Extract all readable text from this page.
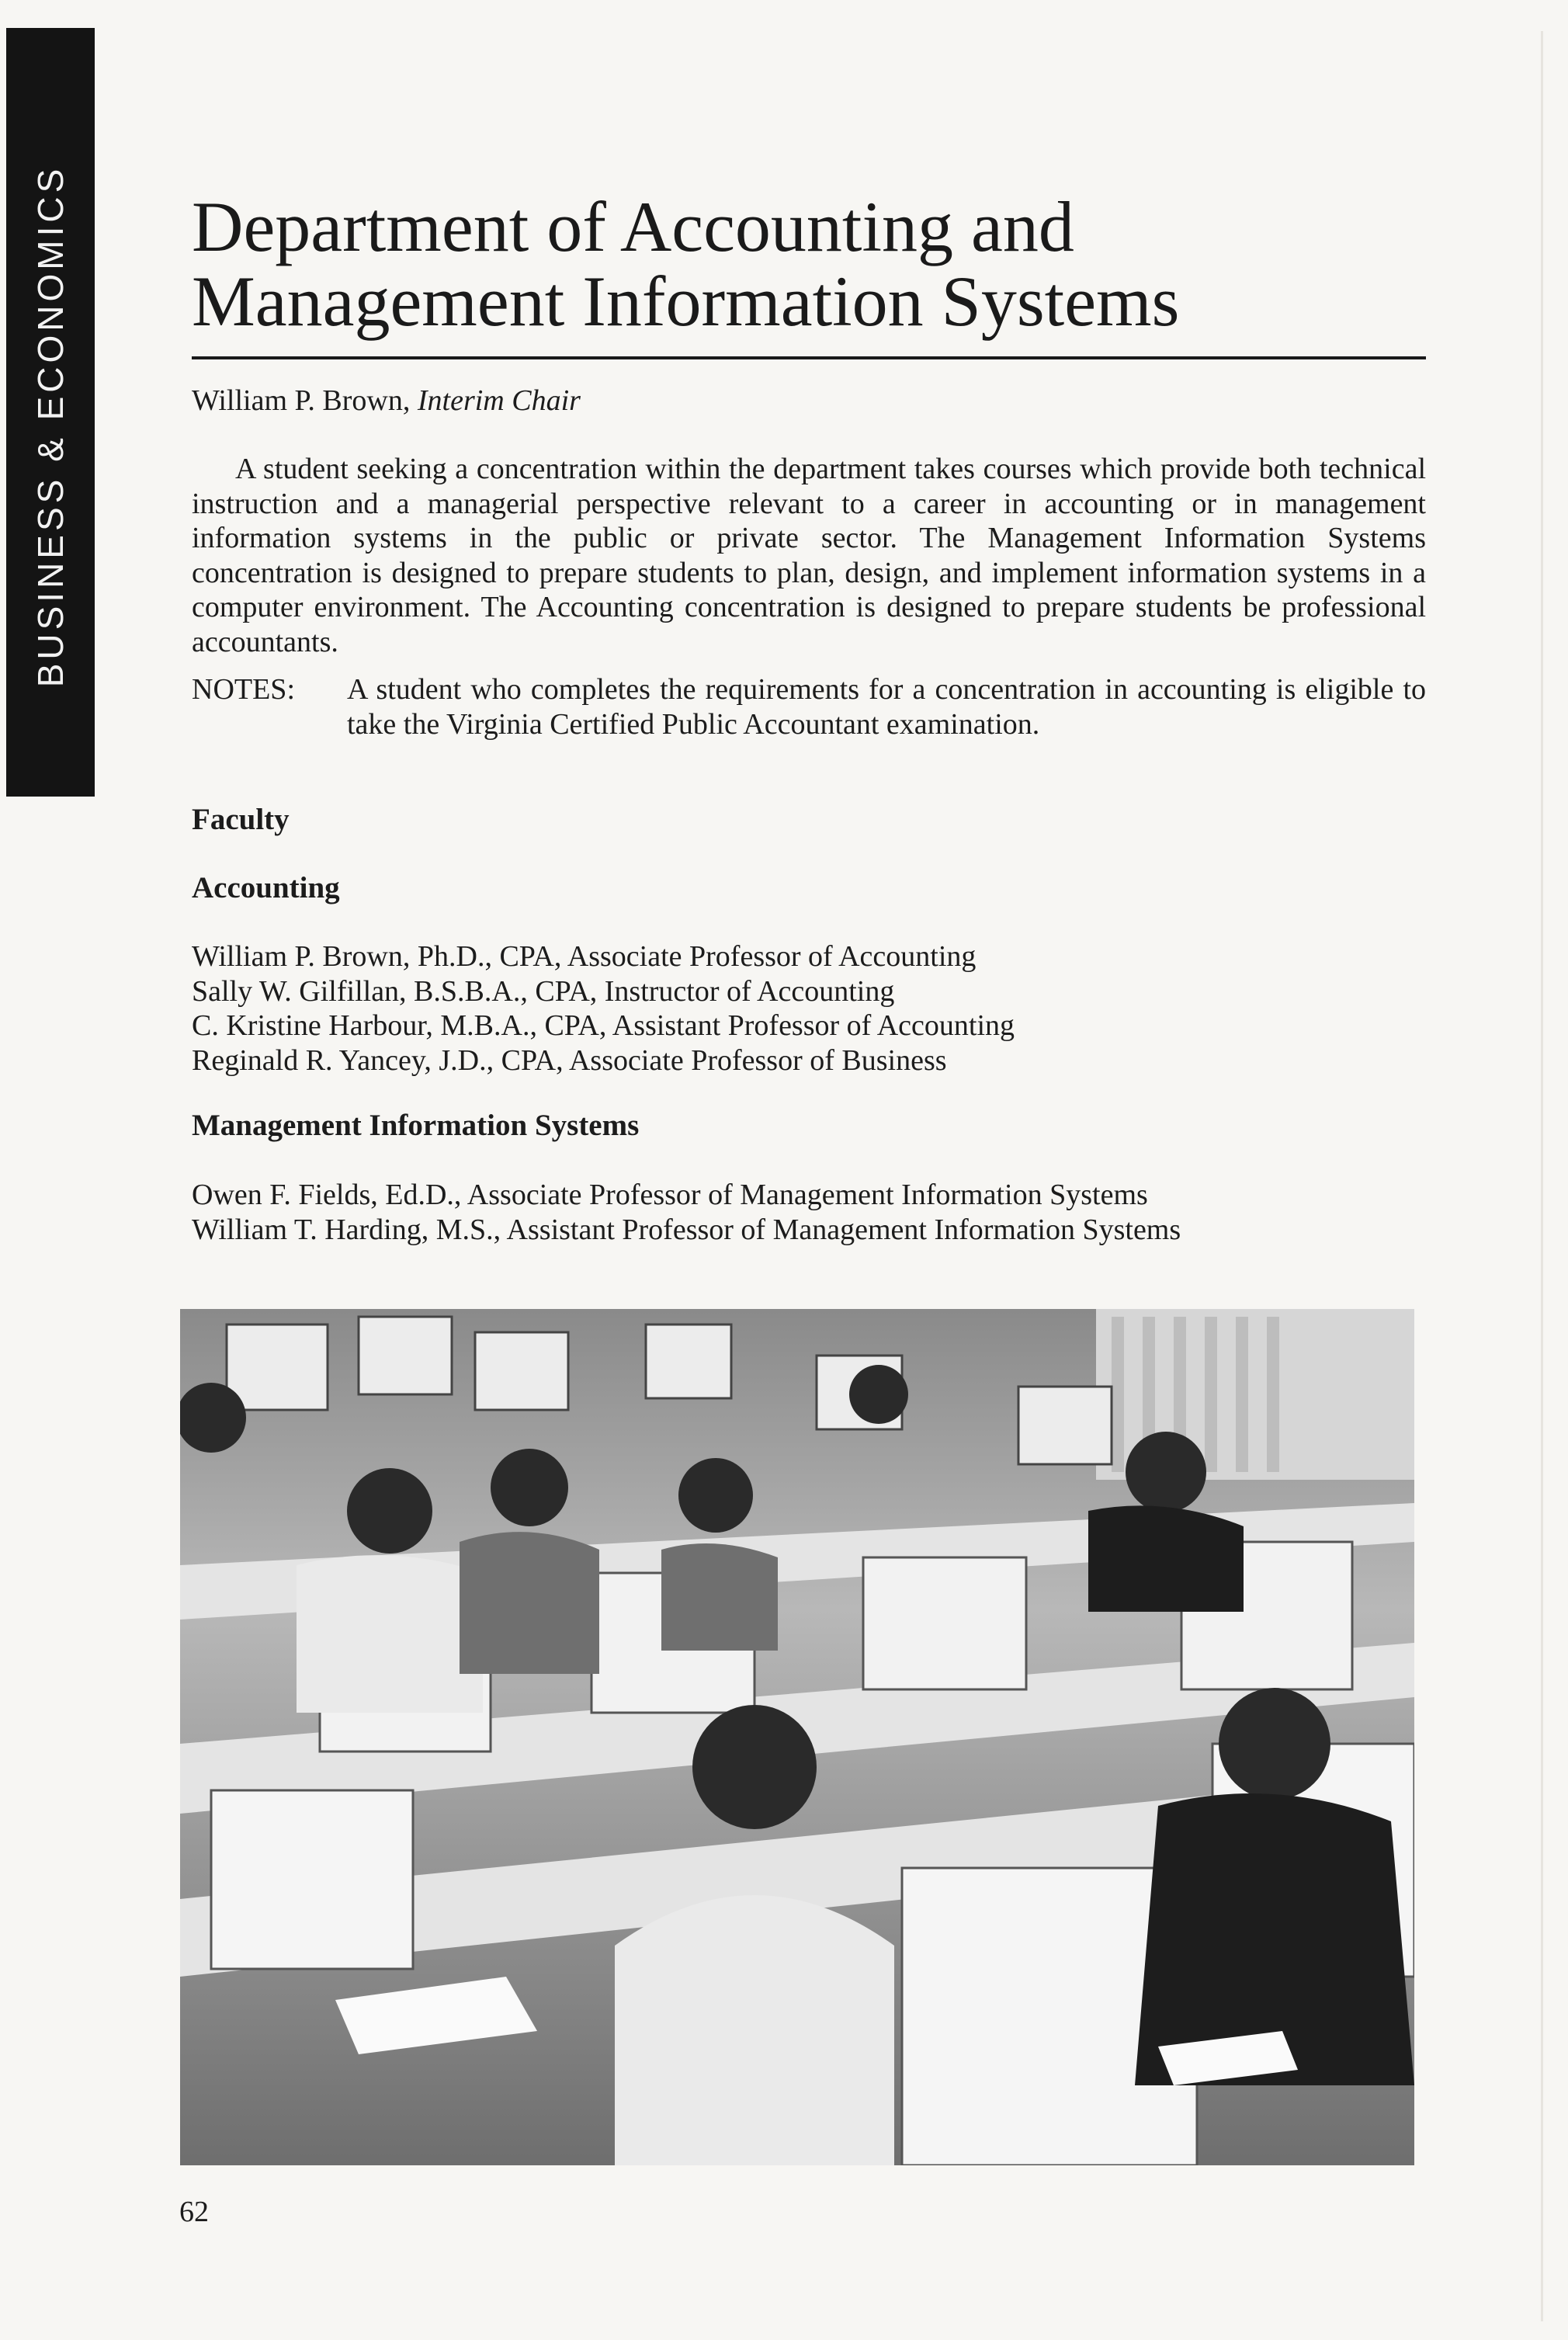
BUSINESS & ECONOMICS Department of Accounting and Management Information Systems
William P. Brown, Interim Chair

A student seeking a concentration within the department takes courses which provide both technical instruction and a managerial perspective relevant to a career in accounting or in management information systems in the public or private sector. The Management Information Systems concentration is designed to prepare students to plan, design, and implement information systems in a computer environment. The Accounting concentration is designed to prepare students be professional accountants.

NOTES: A student who completes the requirements for a concentration in accounting is eligible to take the Virginia Certified Public Accountant examination.

Faculty
Accounting
William P. Brown, Ph.D., CPA, Associate Professor of Accounting
Sally W. Gilfillan, B.S.B.A., CPA, Instructor of Accounting
C. Kristine Harbour, M.B.A., CPA, Assistant Professor of Accounting
Reginald R. Yancey, J.D., CPA, Associate Professor of Business
Management Information Systems
Owen F. Fields, Ed.D., Associate Professor of Management Information Systems
William T. Harding, M.S., Assistant Professor of Management Information Systems
62
